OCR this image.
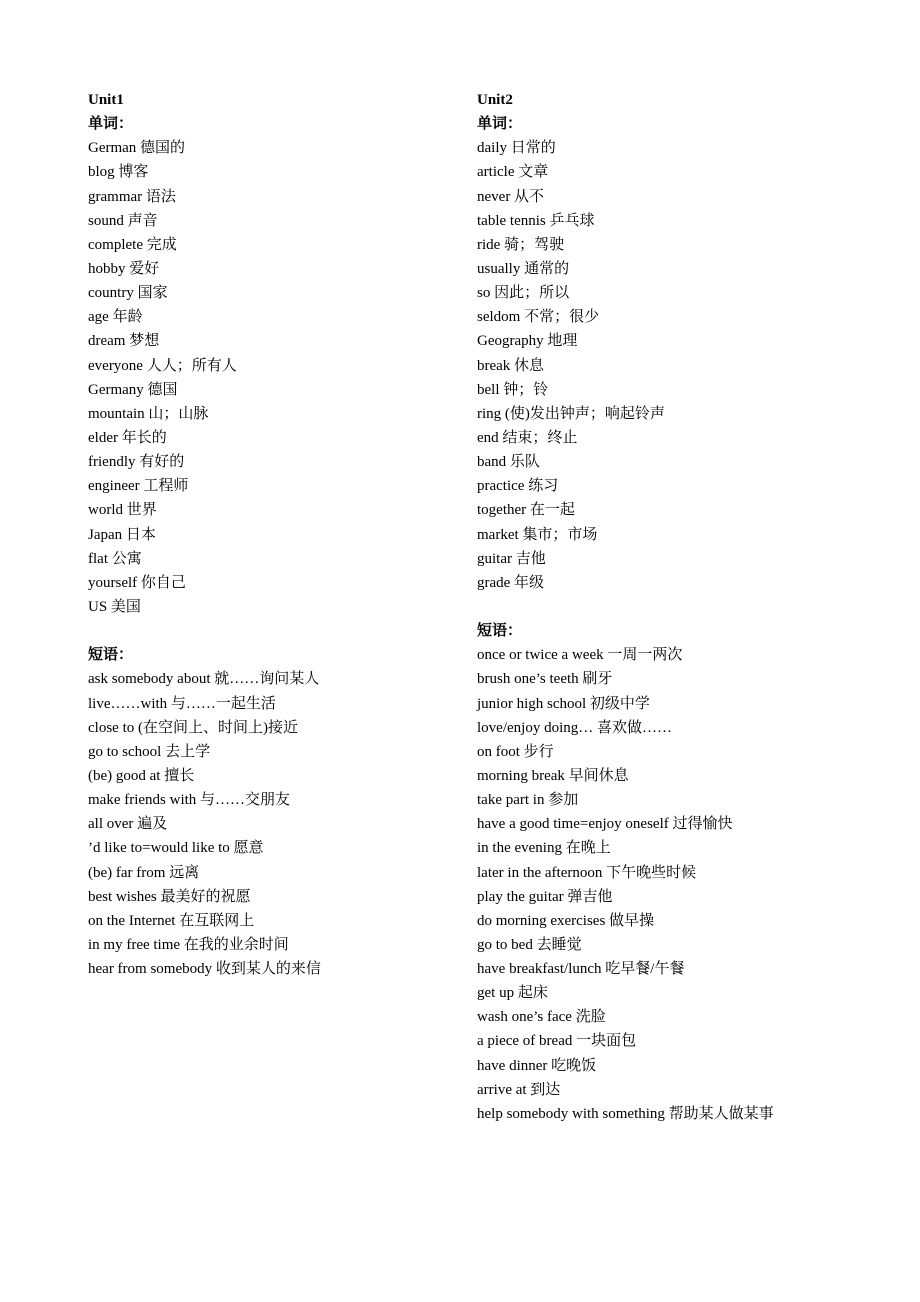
Unit1
单词：
German 德国的
blog 博客
grammar 语法
sound 声音
complete 完成
hobby 爱好
country 国家
age 年龄
dream 梦想
everyone 人人；所有人
Germany 德国
mountain 山；山脉
elder 年长的
friendly 有好的
engineer 工程师
world 世界
Japan 日本
flat 公寓
yourself 你自己
US 美国
短语：
ask somebody about 就……询问某人
live……with 与……一起生活
close to (在空间上、时间上)接近
go to school 去上学
(be) good at 擅长
make friends with 与……交朋友
all over 遍及
’d like to=would like to 愿意
(be) far from 远离
best wishes 最美好的祝愿
on the Internet 在互联网上
in my free time 在我的业余时间
hear from somebody 收到某人的来信
Unit2
单词：
daily 日常的
article 文章
never 从不
table tennis 乒乓球
ride 骑；驾驶
usually 通常的
so 因此；所以
seldom 不常；很少
Geography 地理
break 休息
bell 钟；铃
ring (使)发出钟声；响起铃声
end 结束；终止
band 乐队
practice 练习
together 在一起
market 集市；市场
guitar 吉他
grade 年级
短语：
once or twice a week 一周一两次
brush one’s teeth 刷牙
junior high school 初级中学
love/enjoy doing… 喜欢做……
on foot 步行
morning break 早间休息
take part in 参加
have a good time=enjoy oneself 过得愉快
in the evening 在晚上
later in the afternoon 下午晚些时候
play the guitar 弹吉他
do morning exercises 做早操
go to bed 去睡觉
have breakfast/lunch 吃早餐/午餐
get up 起床
wash one’s face 洗脸
a piece of bread 一块面包
have dinner 吃晚饭
arrive at 到达
help somebody with something 帮助某人做某事
